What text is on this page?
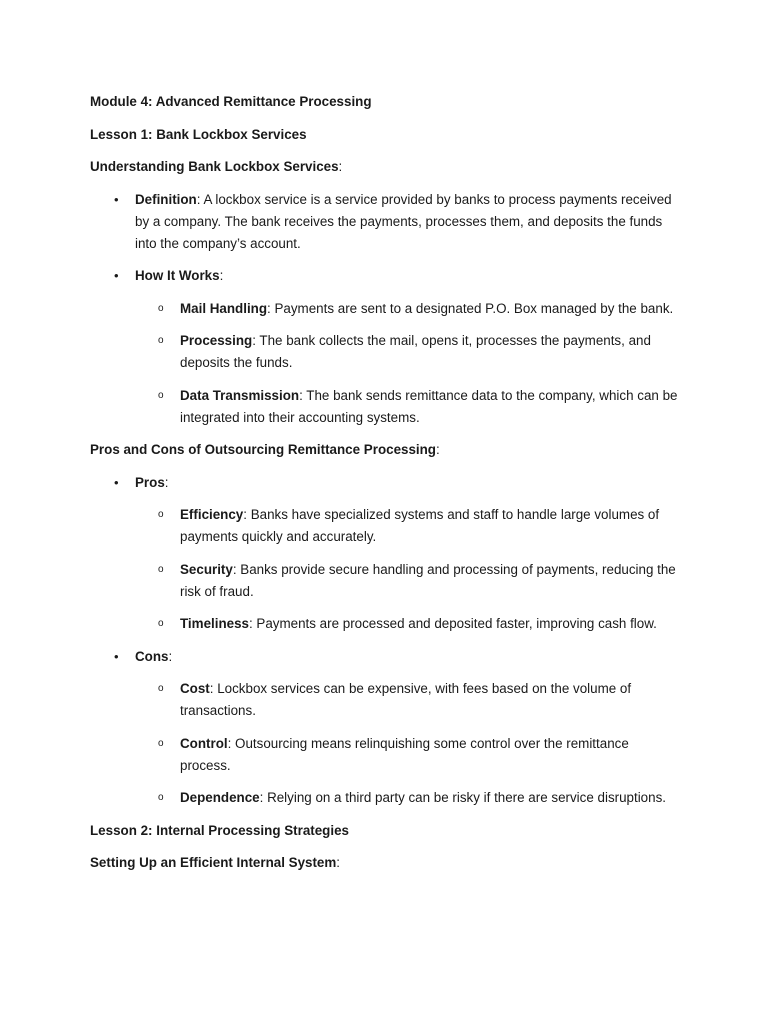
Module 4: Advanced Remittance Processing

Lesson 1: Bank Lockbox Services

Understanding Bank Lockbox Services:

• Definition: A lockbox service is a service provided by banks to process payments received by a company. The bank receives the payments, processes them, and deposits the funds into the company’s account.
• How It Works:
o Mail Handling: Payments are sent to a designated P.O. Box managed by the bank.
o Processing: The bank collects the mail, opens it, processes the payments, and deposits the funds.
o Data Transmission: The bank sends remittance data to the company, which can be integrated into their accounting systems.

Pros and Cons of Outsourcing Remittance Processing:

• Pros:
o Efficiency: Banks have specialized systems and staff to handle large volumes of payments quickly and accurately.
o Security: Banks provide secure handling and processing of payments, reducing the risk of fraud.
o Timeliness: Payments are processed and deposited faster, improving cash flow.
• Cons:
o Cost: Lockbox services can be expensive, with fees based on the volume of transactions.
o Control: Outsourcing means relinquishing some control over the remittance process.
o Dependence: Relying on a third party can be risky if there are service disruptions.

Lesson 2: Internal Processing Strategies

Setting Up an Efficient Internal System:
